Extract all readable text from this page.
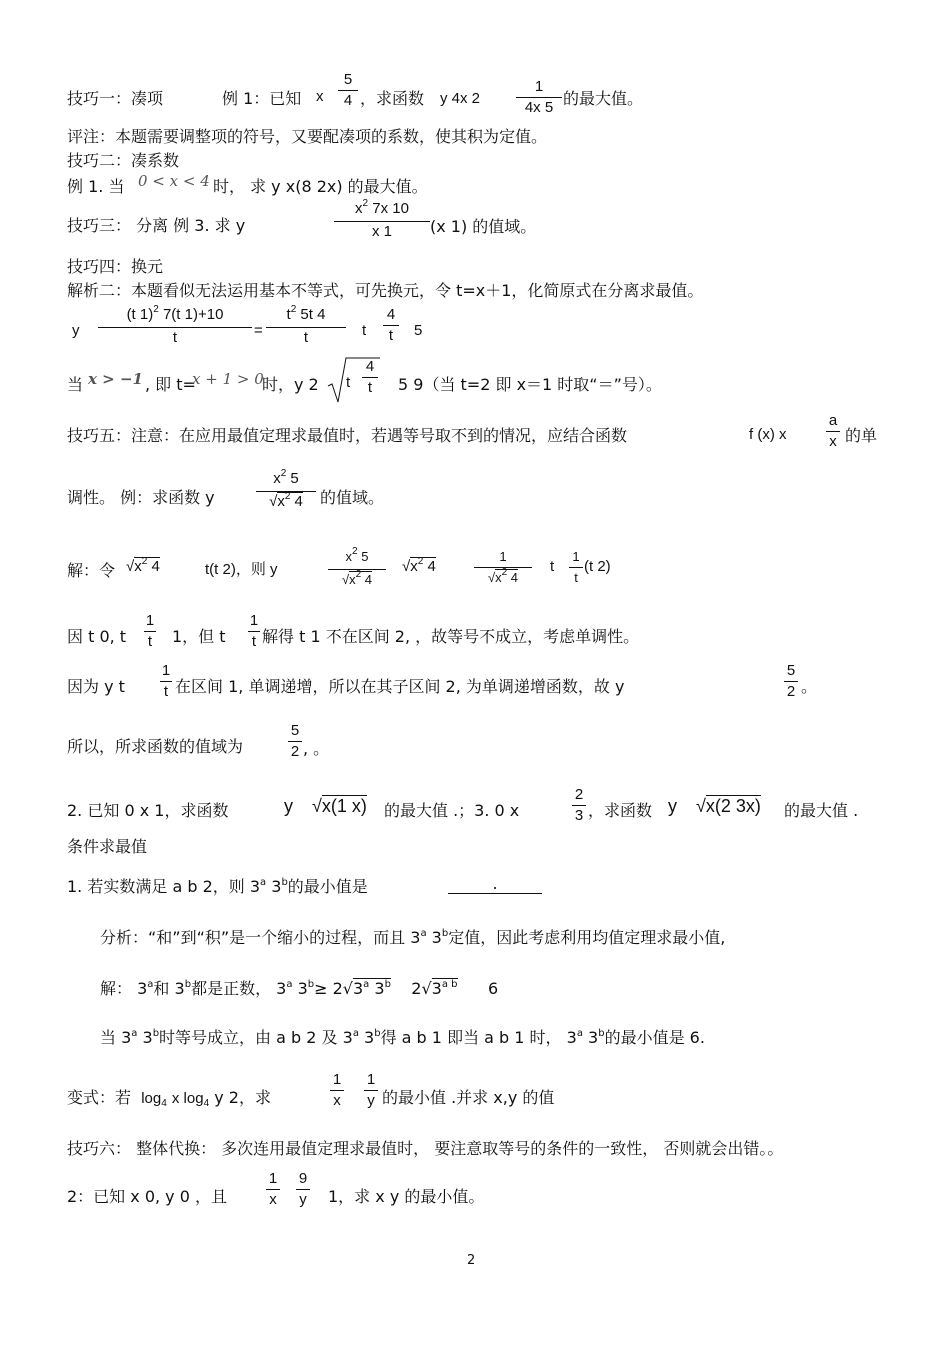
技巧一：凑项	例 1：已知 x
5
4 ，求函数 y 4x 2
1
4x 5 的最大值。
评注：本题需要调整项的符号，又要配凑项的系数，使其积为定值。
技巧二：凑系数
例 1. 当 0 < x < 4 时， 求 y x(8 2x) 的最大值。
技巧三： 分离 例 3. 求 y
$x^2$ 7x 10
x 1	(x 1) 的值域。
技巧四：换元
解析二：本题看似无法运用基本不等式，可先换元，令 t=x＋1，化简原式在分离求最值。
y
(t 1)$^2$ 7(t 1)+10
t	=
$t^2$ 5t 4
t	t
4
t	5
当 x > −1 , 即 t=
x + 1 > 0
时，y 2 t
4
t	5 9（当 t=2 即 x＝1 时取“＝”号）。
技巧五：注意：在应用最值定理求最值时，若遇等号取不到的情况，应结合函数	f (x) x
a
x 的单
调性。 例：求函数 y
$x^2$ 5
$√x^2$ 4	的值域。
解：令 $√x^2$ 4	t(t 2)，则 y
$x^2$ 5
$√x^2$ 4
$√x^2$ 4
1
$√x^2$ 4
t
1
t
(t 2)
因 t 0, t
1
t 1，但 t
1
t 解得 t 1 不在区间 2, ，故等号不成立，考虑单调性。
因为 y t
1
t 在区间 1, 单调递增，所以在其子区间 2, 为单调递增函数，故 y
5
2 。
所以，所求函数的值域为
5
2 , 。
2. 已知 0 x 1，求函数	y √x(1 x) 的最大值 .；3. 0 x
2
3 ，求函数 y √x(2 3x) 的最大值 .
条件求最值
1. 若实数满足 a b 2，则 3$^a$ 3$^b$的最小值是	.
分析：“和”到“积”是一个缩小的过程，而且 3$^a$ 3$^b$定值，因此考虑利用均值定理求最小值,
解： 3$^a$和 3$^b$都是正数， 3$^a$ $3^b\ge 2√3^a$ 3$^b$ $2√3^{a b}$ 6
当 3$^a$ 3$^b$时等号成立，由 a b 2 及 3$^a$ 3$^b$得 a b 1 即当 a b 1 时， 3$^a$ 3$^b$的最小值是 6.
变式：若 log4 x log4 y 2，求
1
x
1
y 的最小值 .并求 x,y 的值
技巧六： 整体代换： 多次连用最值定理求最值时， 要注意取等号的条件的一致性， 否则就会出错。。
2：已知 x 0, y 0 ，且
1
x
9
y 1，求 x y 的最小值。
2
